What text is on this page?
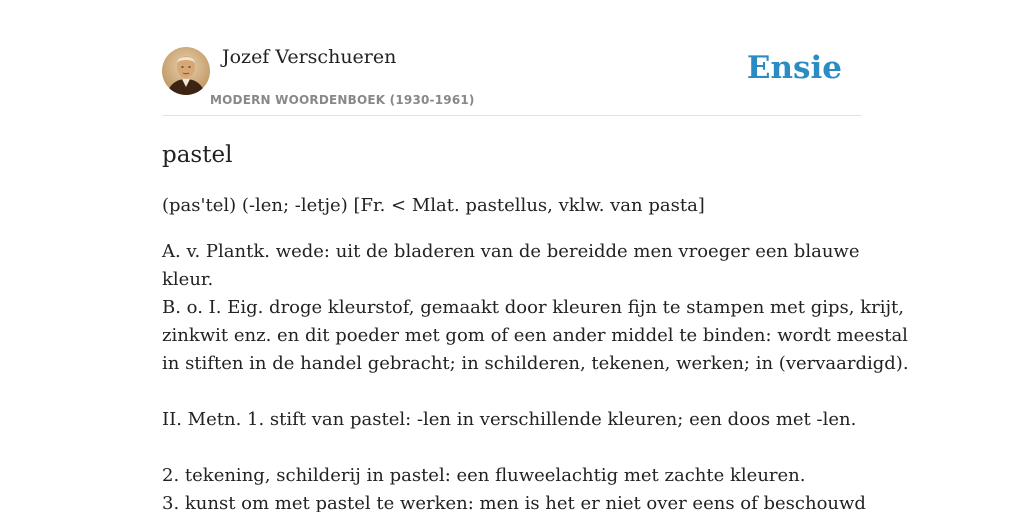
Jozef Verschueren
MODERN WOORDENBOEK (1930-1961)
Ensie
pastel

(pas'tel) (-len; -letje) [Fr. < Mlat. pastellus, vklw. van pasta]

A. v. Plantk. wede: uit de bladeren van de bereidde men vroeger een blauwe
kleur.
B. o. I. Eig. droge kleurstof, gemaakt door kleuren fijn te stampen met gips, krijt,
zinkwit enz. en dit poeder met gom of een ander middel te binden: wordt meestal
in stiften in de handel gebracht; in schilderen, tekenen, werken; in (vervaardigd).
II. Metn. 1. stift van pastel: -len in verschillende kleuren; een doos met -len.
2. tekening, schilderij in pastel: een fluweelachtig met zachte kleuren.
3. kunst om met pastel te werken: men is het er niet over eens of beschouwd
